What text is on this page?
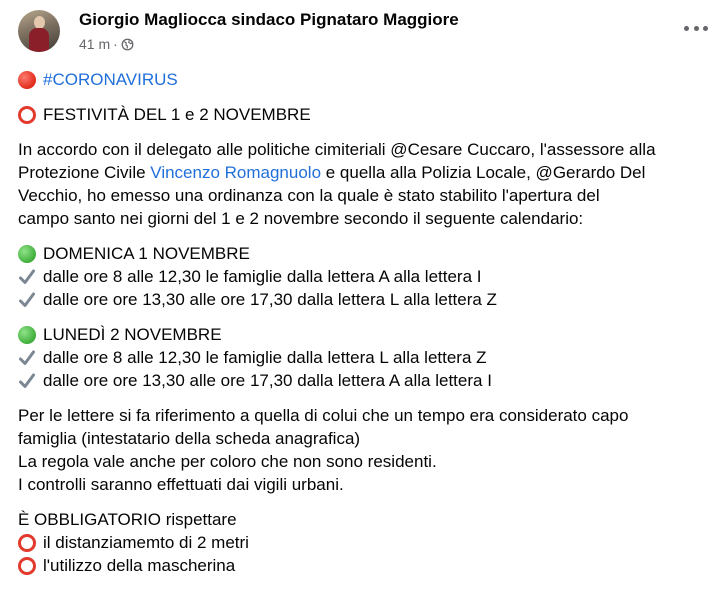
Giorgio Magliocca sindaco Pignataro Maggiore
41 m ·
#CORONAVIRUS
FESTIVITÀ DEL 1 e 2 NOVEMBRE
In accordo con il delegato alle politiche cimiteriali @Cesare Cuccaro, l'assessore alla
Protezione Civile Vincenzo Romagnuolo e quella alla Polizia Locale, @Gerardo Del
Vecchio, ho emesso una ordinanza con la quale è stato stabilito l'apertura del
campo santo nei giorni del 1 e 2 novembre secondo il seguente calendario:
DOMENICA 1 NOVEMBRE
dalle ore 8 alle 12,30 le famiglie dalla lettera A alla lettera I
dalle ore ore 13,30 alle ore 17,30 dalla lettera L alla lettera Z
LUNEDÌ 2 NOVEMBRE
dalle ore 8 alle 12,30 le famiglie dalla lettera L alla lettera Z
dalle ore ore 13,30 alle ore 17,30 dalla lettera A alla lettera I
Per le lettere si fa riferimento a quella di colui che un tempo era considerato capo
famiglia (intestatario della scheda anagrafica)
La regola vale anche per coloro che non sono residenti.
I controlli saranno effettuati dai vigili urbani.
È OBBLIGATORIO rispettare
il distanziamemto di 2 metri
l'utilizzo della mascherina
